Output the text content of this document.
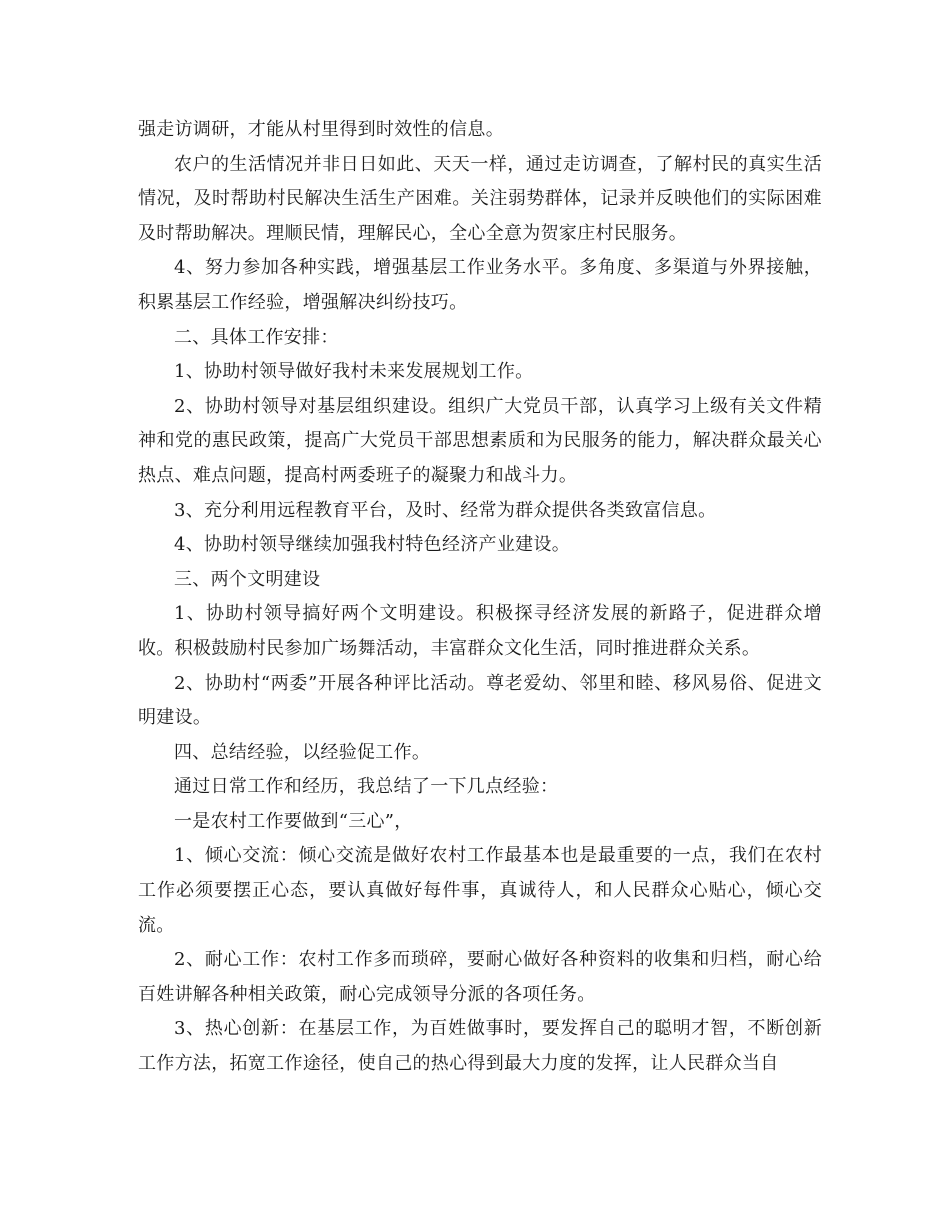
强走访调研，才能从村里得到时效性的信息。

农户的生活情况并非日日如此、天天一样，通过走访调查，了解村民的真实生活情况，及时帮助村民解决生活生产困难。关注弱势群体，记录并反映他们的实际困难及时帮助解决。理顺民情，理解民心，全心全意为贺家庄村民服务。

4、努力参加各种实践，增强基层工作业务水平。多角度、多渠道与外界接触，积累基层工作经验，增强解决纠纷技巧。

二、具体工作安排：

1、协助村领导做好我村未来发展规划工作。

2、协助村领导对基层组织建设。组织广大党员干部，认真学习上级有关文件精神和党的惠民政策，提高广大党员干部思想素质和为民服务的能力，解决群众最关心热点、难点问题，提高村两委班子的凝聚力和战斗力。

3、充分利用远程教育平台，及时、经常为群众提供各类致富信息。

4、协助村领导继续加强我村特色经济产业建设。

三、两个文明建设

1、协助村领导搞好两个文明建设。积极探寻经济发展的新路子，促进群众增收。积极鼓励村民参加广场舞活动，丰富群众文化生活，同时推进群众关系。

2、协助村“两委”开展各种评比活动。尊老爱幼、邻里和睦、移风易俗、促进文明建设。

四、总结经验，以经验促工作。

通过日常工作和经历，我总结了一下几点经验：

一是农村工作要做到“三心”，

1、倾心交流：倾心交流是做好农村工作最基本也是最重要的一点，我们在农村工作必须要摆正心态，要认真做好每件事，真诚待人，和人民群众心贴心，倾心交流。

2、耐心工作：农村工作多而琐碎，要耐心做好各种资料的收集和归档，耐心给百姓讲解各种相关政策，耐心完成领导分派的各项任务。

3、热心创新：在基层工作，为百姓做事时，要发挥自己的聪明才智，不断创新工作方法，拓宽工作途径，使自己的热心得到最大力度的发挥，让人民群众当自
